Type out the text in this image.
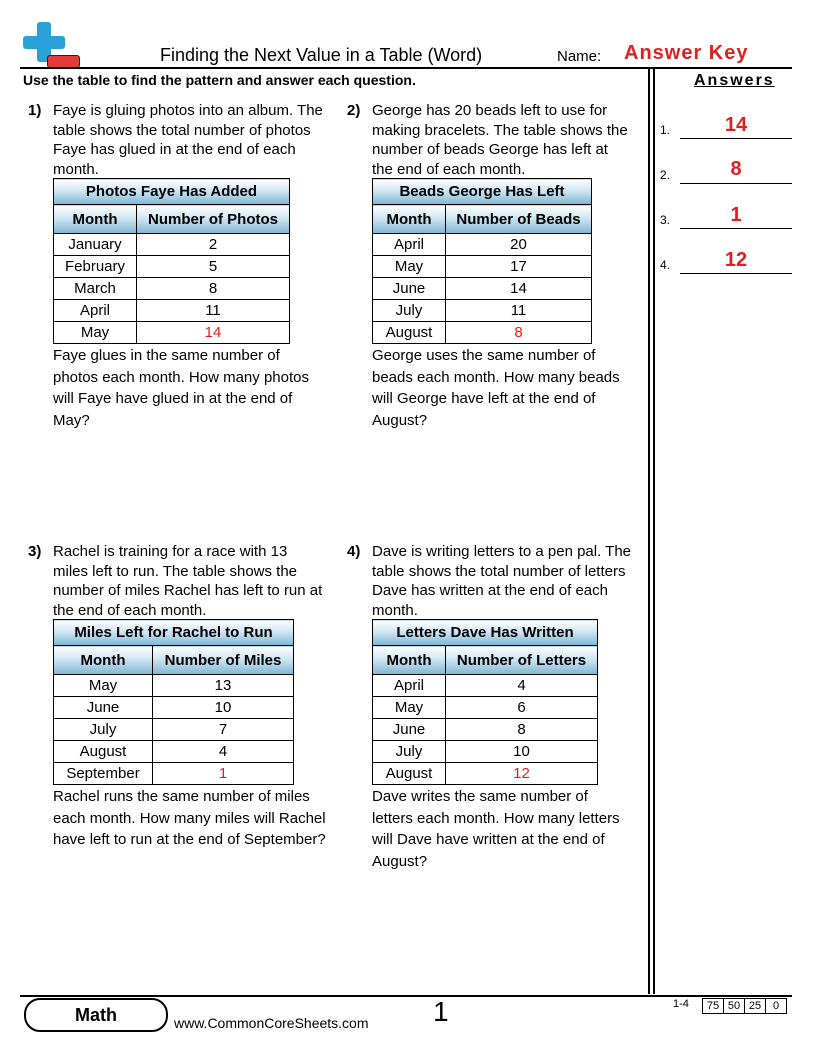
Finding the Next Value in a Table (Word)	Name: Answer Key
Use the table to find the pattern and answer each question.	Answers
1.	14
2.	8
3.	1
4.	12
1) Faye is gluing photos into an album. The
table shows the total number of photos
Faye has glued in at the end of each
month.
Photos Faye Has Added	
Month	Number of Photos
January	2
February	5
March	8
April	11
May	14
Faye glues in the same number of
photos each month. How many photos
will Faye have glued in at the end of
May?
2) George has 20 beads left to use for
making bracelets. The table shows the
number of beads George has left at
the end of each month.
Beads George Has Left	
Month	Number of Beads
April	20
May	17
June	14
July	11
August	8
George uses the same number of
beads each month. How many beads
will George have left at the end of
August?
3) Rachel is training for a race with 13
miles left to run. The table shows the
number of miles Rachel has left to run at
the end of each month.
Miles Left for Rachel to Run	
Month	Number of Miles
May	13
June	10
July	7
August	4
September	1
Rachel runs the same number of miles
each month. How many miles will Rachel
have left to run at the end of September?
4) Dave is writing letters to a pen pal. The
table shows the total number of letters
Dave has written at the end of each
month.
Letters Dave Has Written	
Month	Number of Letters
April	4
May	6
June	8
July	10
August	12
Dave writes the same number of
letters each month. How many letters
will Dave have written at the end of
August?
Math	www.CommonCoreSheets.com 1	1-4 75	50	25	0
